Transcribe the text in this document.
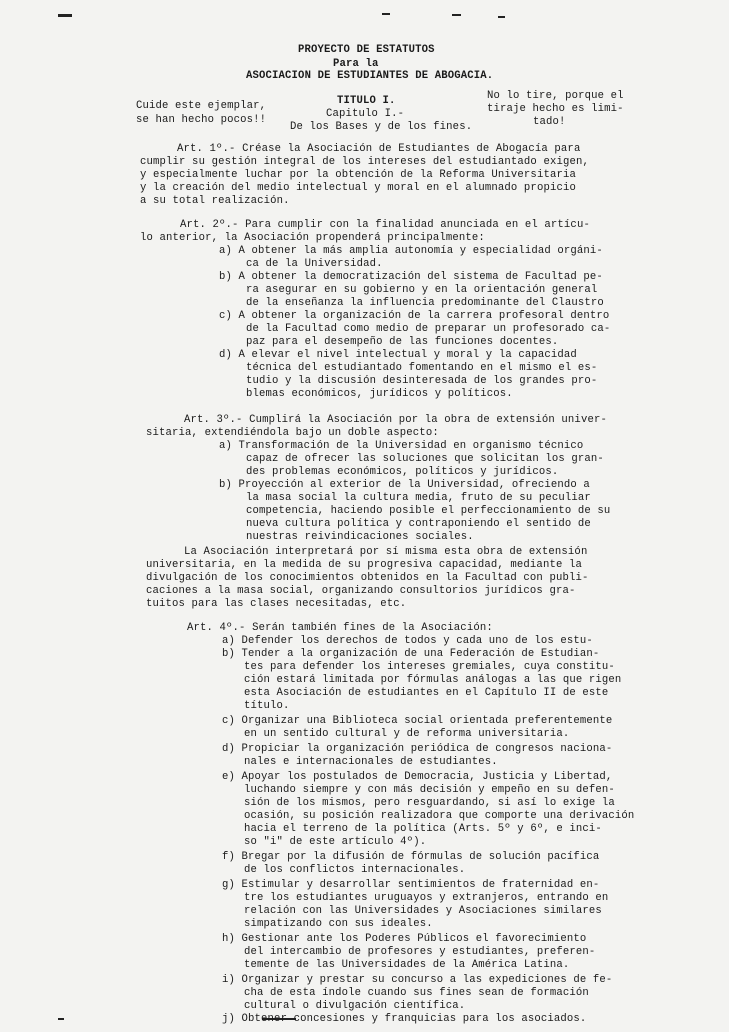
PROYECTO DE ESTATUTOS
Para la
ASOCIACION DE ESTUDIANTES DE ABOGACIA.
Cuide este ejemplar,
se han hecho pocos!!
No lo tire, porque el
tiraje hecho es limi-
tado!
TITULO I.
Capitulo I.-
De los Bases y de los fines.
Art. 1º.- Créase la Asociación de Estudiantes de Abogacía para
cumplir su gestión integral de los intereses del estudiantado exigen,
y especialmente luchar por la obtención de la Reforma Universitaria
y la creación del medio intelectual y moral en el alumnado propicio
a su total realización.
Art. 2º.- Para cumplir con la finalidad anunciada en el artícu-
lo anterior, la Asociación propenderá principalmente:
a) A obtener la más amplia autonomía y especialidad orgáni-
ca de la Universidad.
b) A obtener la democratización del sistema de Facultad pe-
ra asegurar en su gobierno y en la orientación general
de la enseñanza la influencia predominante del Claustro
c) A obtener la organización de la carrera profesoral dentro
de la Facultad como medio de preparar un profesorado ca-
paz para el desempeño de las funciones docentes.
d) A elevar el nivel intelectual y moral y la capacidad
técnica del estudiantado fomentando en el mismo el es-
tudio y la discusión desinteresada de los grandes pro-
blemas económicos, jurídicos y políticos.
Art. 3º.- Cumplirá la Asociación por la obra de extensión univer-
sitaria, extendiéndola bajo un doble aspecto:
a) Transformación de la Universidad en organismo técnico
capaz de ofrecer las soluciones que solicitan los gran-
des problemas económicos, políticos y jurídicos.
b) Proyección al exterior de la Universidad, ofreciendo a
la masa social la cultura media, fruto de su peculiar
competencia, haciendo posible el perfeccionamiento de su
nueva cultura política y contraponiendo el sentido de
nuestras reivindicaciones sociales.
La Asociación interpretará por sí misma esta obra de extensión
universitaria, en la medida de su progresiva capacidad, mediante la
divulgación de los conocimientos obtenidos en la Facultad con publi-
caciones a la masa social, organizando consultorios jurídicos gra-
tuitos para las clases necesitadas, etc.
Art. 4º.- Serán también fines de la Asociación:
a) Defender los derechos de todos y cada uno de los estu-
b) Tender a la organización de una Federación de Estudian-
tes para defender los intereses gremiales, cuya constitu-
ción estará limitada por fórmulas análogas a las que rigen
esta Asociación de estudiantes en el Capítulo II de este
título.
c) Organizar una Biblioteca social orientada preferentemente
en un sentido cultural y de reforma universitaria.
d) Propiciar la organización periódica de congresos naciona-
nales e internacionales de estudiantes.
e) Apoyar los postulados de Democracia, Justicia y Libertad,
luchando siempre y con más decisión y empeño en su defen-
sión de los mismos, pero resguardando, si así lo exige la
ocasión, su posición realizadora que comporte una derivación
hacia el terreno de la política (Arts. 5º y 6º, e inci-
so "i" de este artículo 4º).
f) Bregar por la difusión de fórmulas de solución pacífica
de los conflictos internacionales.
g) Estimular y desarrollar sentimientos de fraternidad en-
tre los estudiantes uruguayos y extranjeros, entrando en
relación con las Universidades y Asociaciones similares
simpatizando con sus ideales.
h) Gestionar ante los Poderes Públicos el favorecimiento
del intercambio de profesores y estudiantes, preferen-
temente de las Universidades de la América Latina.
i) Organizar y prestar su concurso a las expediciones de fe-
cha de esta índole cuando sus fines sean de formación
cultural o divulgación científica.
j) Obtener concesiones y franquicias para los asociados.
